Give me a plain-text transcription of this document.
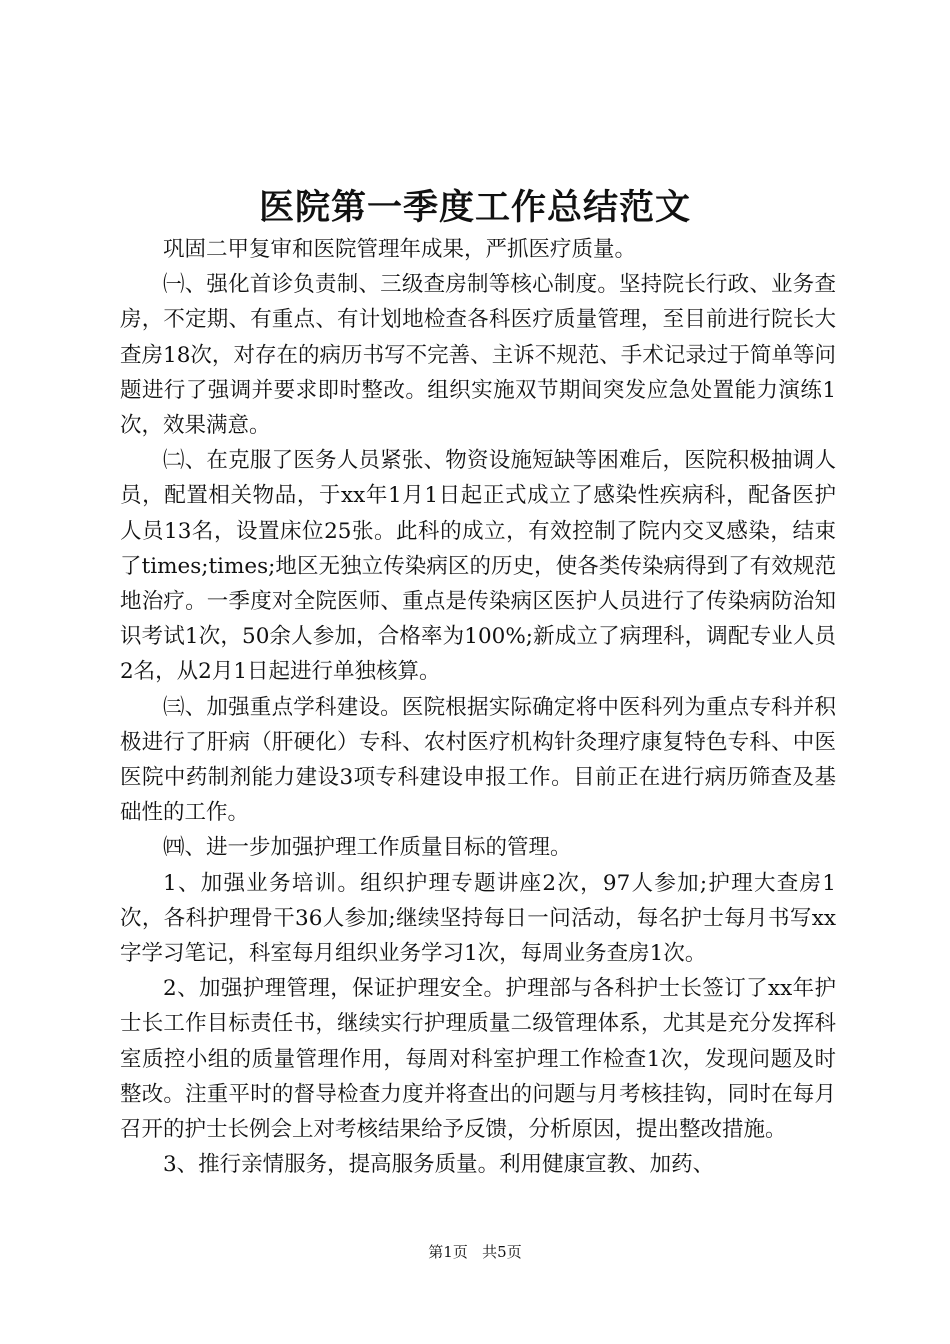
医院第一季度工作总结范文

巩固二甲复审和医院管理年成果，严抓医疗质量。

㈠、强化首诊负责制、三级查房制等核心制度。坚持院长行政、业务查房，不定期、有重点、有计划地检查各科医疗质量管理，至目前进行院长大查房18次，对存在的病历书写不完善、主诉不规范、手术记录过于简单等问题进行了强调并要求即时整改。组织实施双节期间突发应急处置能力演练1次，效果满意。

㈡、在克服了医务人员紧张、物资设施短缺等困难后，医院积极抽调人员，配置相关物品，于xx年1月1日起正式成立了感染性疾病科，配备医护人员13名，设置床位25张。此科的成立，有效控制了院内交叉感染，结束了times;times;地区无独立传染病区的历史，使各类传染病得到了有效规范地治疗。一季度对全院医师、重点是传染病区医护人员进行了传染病防治知识考试1次，50余人参加，合格率为100%;新成立了病理科，调配专业人员2名，从2月1日起进行单独核算。

㈢、加强重点学科建设。医院根据实际确定将中医科列为重点专科并积极进行了肝病（肝硬化）专科、农村医疗机构针灸理疗康复特色专科、中医医院中药制剂能力建设3项专科建设申报工作。目前正在进行病历筛查及基础性的工作。

㈣、进一步加强护理工作质量目标的管理。

1、加强业务培训。组织护理专题讲座2次，97人参加;护理大查房1次，各科护理骨干36人参加;继续坚持每日一问活动，每名护士每月书写xx字学习笔记，科室每月组织业务学习1次，每周业务查房1次。

2、加强护理管理，保证护理安全。护理部与各科护士长签订了xx年护士长工作目标责任书，继续实行护理质量二级管理体系，尤其是充分发挥科室质控小组的质量管理作用，每周对科室护理工作检查1次，发现问题及时整改。注重平时的督导检查力度并将查出的问题与月考核挂钩，同时在每月召开的护士长例会上对考核结果给予反馈，分析原因，提出整改措施。

3、推行亲情服务，提高服务质量。利用健康宣教、加药、

第1页 共5页
